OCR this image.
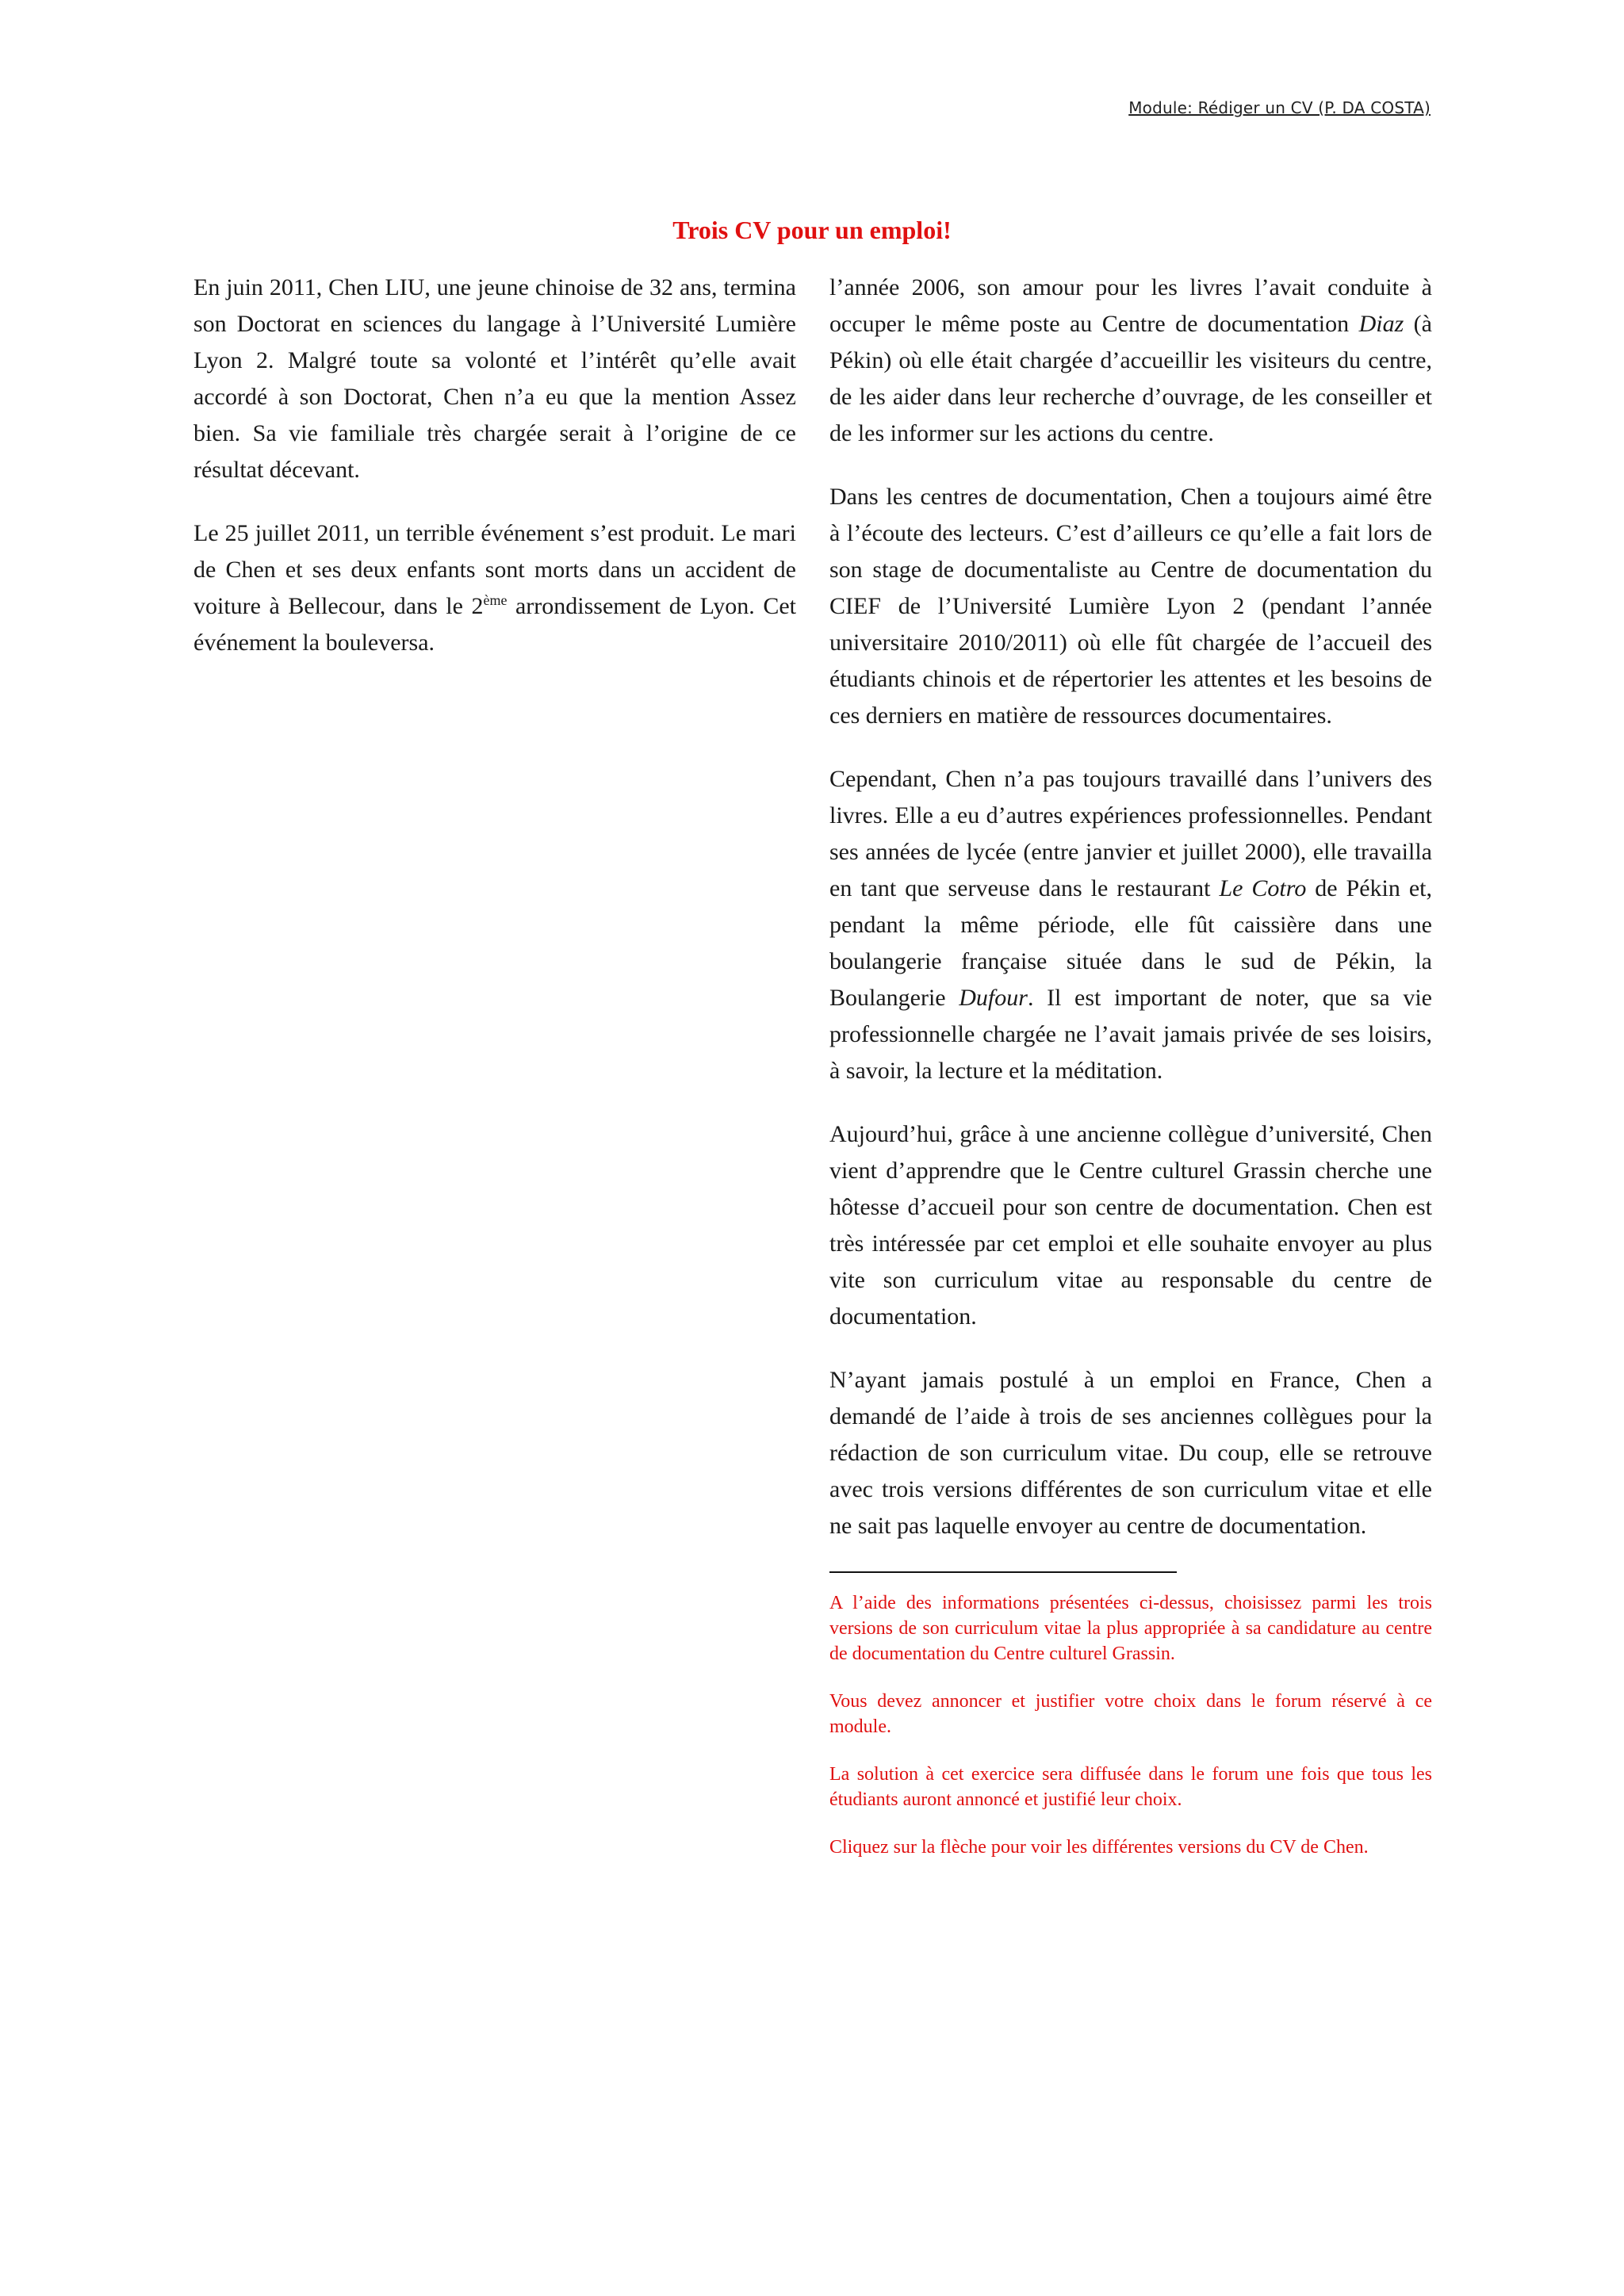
Module: Rédiger un CV (P. DA COSTA)
Trois CV pour un emploi!

En juin 2011, Chen LIU, une jeune chinoise de 32 ans, termina son Doctorat en sciences du langage à l’Université Lumière Lyon 2. Malgré toute sa volonté et l’intérêt qu’elle avait accordé à son Doctorat, Chen n’a eu que la mention Assez bien. Sa vie familiale très chargée serait à l’origine de ce résultat décevant.

Le 25 juillet 2011, un terrible événement s’est produit. Le mari de Chen et ses deux enfants sont morts dans un accident de voiture à Bellecour, dans le 2ème arrondissement de Lyon. Cet événement la bouleversa.

l’année 2006, son amour pour les livres l’avait conduite à occuper le même poste au Centre de documentation Diaz (à Pékin) où elle était chargée d’accueillir les visiteurs du centre, de les aider dans leur recherche d’ouvrage, de les conseiller et de les informer sur les actions du centre.

Dans les centres de documentation, Chen a toujours aimé être à l’écoute des lecteurs. C’est d’ailleurs ce qu’elle a fait lors de son stage de documentaliste au Centre de documentation du CIEF de l’Université Lumière Lyon 2 (pendant l’année universitaire 2010/2011) où elle fût chargée de l’accueil des étudiants chinois et de répertorier les attentes et les besoins de ces derniers en matière de ressources documentaires.

Cependant, Chen n’a pas toujours travaillé dans l’univers des livres. Elle a eu d’autres expériences professionnelles. Pendant ses années de lycée (entre janvier et juillet 2000), elle travailla en tant que serveuse dans le restaurant Le Cotro de Pékin et, pendant la même période, elle fût caissière dans une boulangerie française située dans le sud de Pékin, la Boulangerie Dufour. Il est important de noter, que sa vie professionnelle chargée ne l’avait jamais privée de ses loisirs, à savoir, la lecture et la méditation.

Aujourd’hui, grâce à une ancienne collègue d’université, Chen vient d’apprendre que le Centre culturel Grassin cherche une hôtesse d’accueil pour son centre de documentation. Chen est très intéressée par cet emploi et elle souhaite envoyer au plus vite son curriculum vitae au responsable du centre de documentation.

N’ayant jamais postulé à un emploi en France, Chen a demandé de l’aide à trois de ses anciennes collègues pour la rédaction de son curriculum vitae. Du coup, elle se retrouve avec trois versions différentes de son curriculum vitae et elle ne sait pas laquelle envoyer au centre de documentation.

A l’aide des informations présentées ci-dessus, choisissez parmi les trois versions de son curriculum vitae la plus appropriée à sa candidature au centre de documentation du Centre culturel Grassin.

Vous devez annoncer et justifier votre choix dans le forum réservé à ce module.

La solution à cet exercice sera diffusée dans le forum une fois que tous les étudiants auront annoncé et justifié leur choix.

Cliquez sur la flèche pour voir les différentes versions du CV de Chen.
